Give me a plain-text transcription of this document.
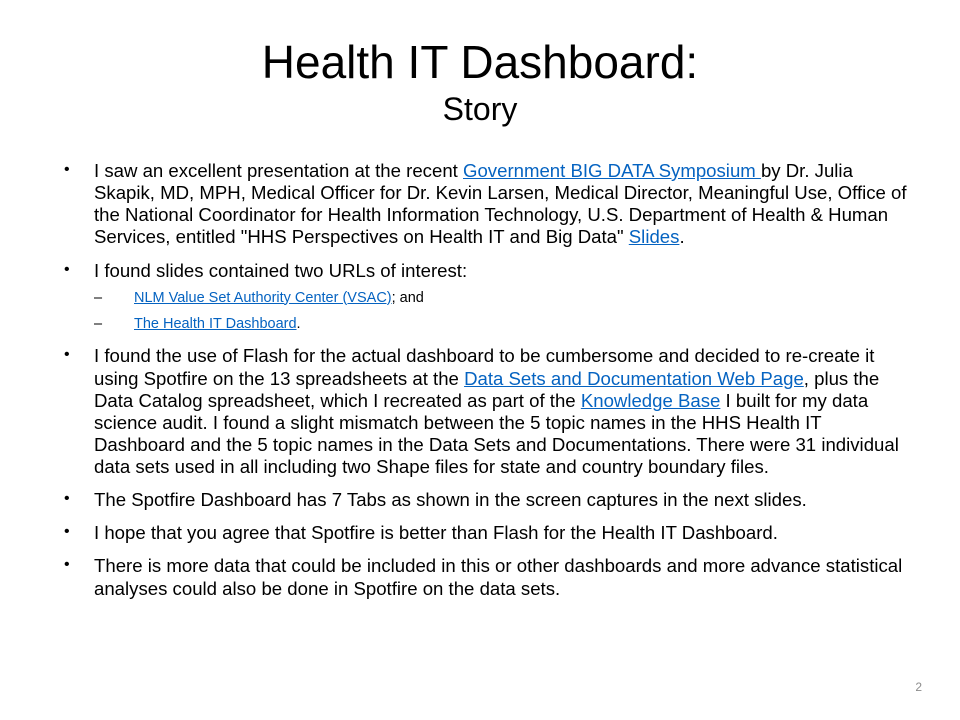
Health IT Dashboard:
Story
•	I saw an excellent presentation at the recent Government BIG DATA Symposium by Dr. Julia Skapik, MD, MPH, Medical Officer for Dr. Kevin Larsen, Medical Director, Meaningful Use, Office of the National Coordinator for Health Information Technology, U.S. Department of Health & Human Services, entitled "HHS Perspectives on Health IT and Big Data" Slides.
•	I found slides contained two URLs of interest:
–	NLM Value Set Authority Center (VSAC); and
–	The Health IT Dashboard.
•	I found the use of Flash for the actual dashboard to be cumbersome and decided to re-create it using Spotfire on the 13 spreadsheets at the Data Sets and Documentation Web Page, plus the Data Catalog spreadsheet, which I recreated as part of the Knowledge Base I built for my data science audit. I found a slight mismatch between the 5 topic names in the HHS Health IT Dashboard and the 5 topic names in the Data Sets and Documentations. There were 31 individual data sets used in all including two Shape files for state and country boundary files.
•	The Spotfire Dashboard has 7 Tabs as shown in the screen captures in the next slides.
•	I hope that you agree that Spotfire is better than Flash for the Health IT Dashboard.
•	There is more data that could be included in this or other dashboards and more advance statistical analyses could also be done in Spotfire on the data sets.
2
